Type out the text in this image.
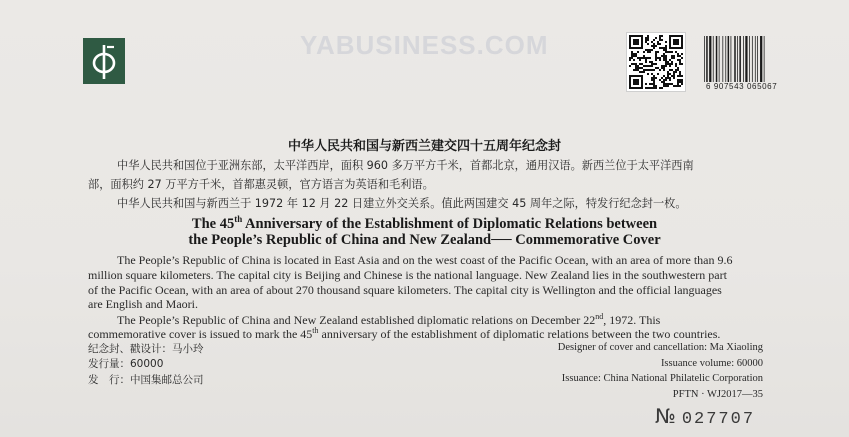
YABUSINESS.COM
6 907543 065067
中华人民共和国与新西兰建交四十五周年纪念封
中华人民共和国位于亚洲东部，太平洋西岸，面积 960 多万平方千米，首都北京，通用汉语。新西兰位于太平洋西南
部，面积约 27 万平方千米，首都惠灵顿，官方语言为英语和毛利语。
中华人民共和国与新西兰于 1972 年 12 月 22 日建立外交关系。值此两国建交 45 周年之际，特发行纪念封一枚。
The 45th Anniversary of the Establishment of Diplomatic Relations between
the People’s Republic of China and New Zealand── Commemorative Cover
The People’s Republic of China is located in East Asia and on the west coast of the Pacific Ocean, with an area of more than 9.6
million square kilometers. The capital city is Beijing and Chinese is the national language. New Zealand lies in the southwestern part
of the Pacific Ocean, with an area of about 270 thousand square kilometers. The capital city is Wellington and the official languages
are English and Maori.
The People’s Republic of China and New Zealand established diplomatic relations on December 22nd, 1972. This
commemorative cover is issued to mark the 45th anniversary of the establishment of diplomatic relations between the two countries.
纪念封、戳设计：马小玲
发行量：60000
发　行：中国集邮总公司
Designer of cover and cancellation: Ma Xiaoling
Issuance volume: 60000
Issuance: China National Philatelic Corporation
PFTN · WJ2017—35
№ 027707
